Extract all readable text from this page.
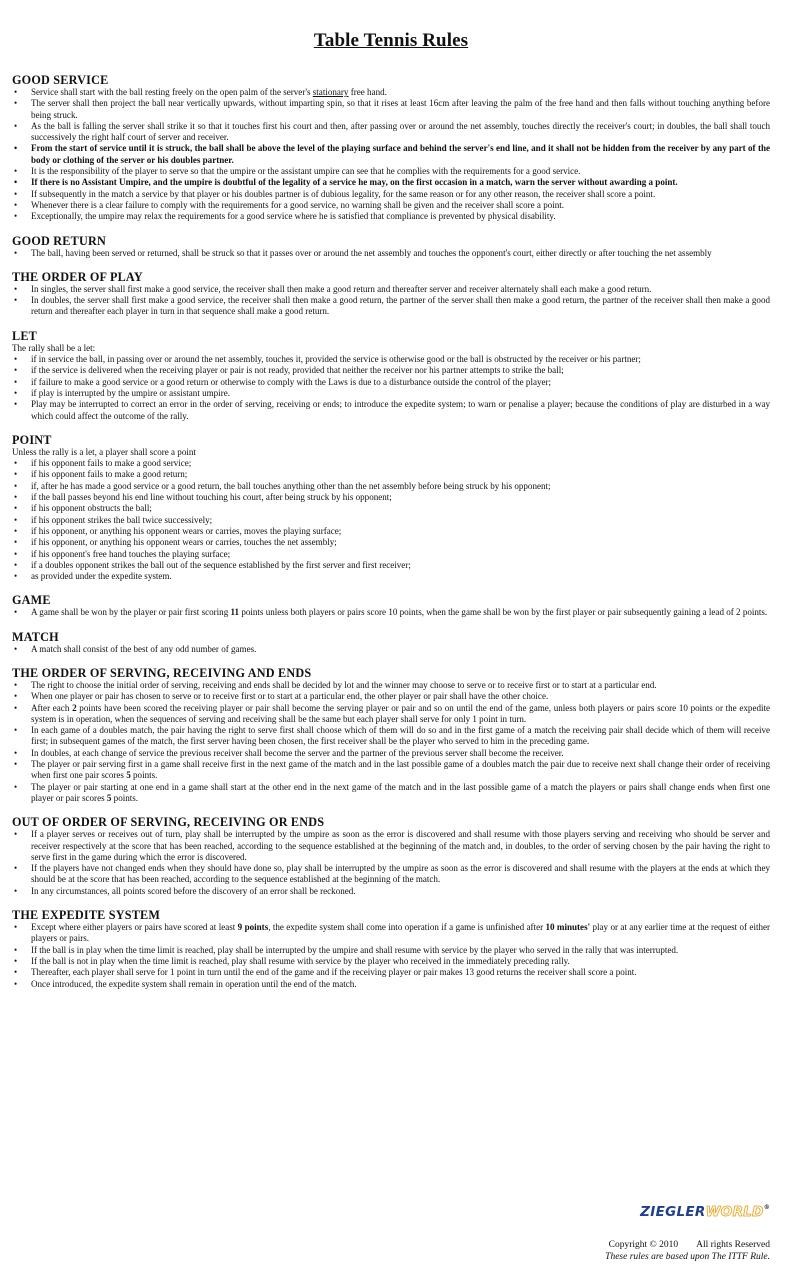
Table Tennis Rules
GOOD SERVICE
• Service shall start with the ball resting freely on the open palm of the server's stationary free hand.
• The server shall then project the ball near vertically upwards, without imparting spin, so that it rises at least 16cm after leaving the palm of the free hand and then falls without touching anything before being struck.
• As the ball is falling the server shall strike it so that it touches first his court and then, after passing over or around the net assembly, touches directly the receiver's court; in doubles, the ball shall touch successively the right half court of server and receiver.
• From the start of service until it is struck, the ball shall be above the level of the playing surface and behind the server's end line, and it shall not be hidden from the receiver by any part of the body or clothing of the server or his doubles partner.
• It is the responsibility of the player to serve so that the umpire or the assistant umpire can see that he complies with the requirements for a good service.
• If there is no Assistant Umpire, and the umpire is doubtful of the legality of a service he may, on the first occasion in a match, warn the server without awarding a point.
• If subsequently in the match a service by that player or his doubles partner is of dubious legality, for the same reason or for any other reason, the receiver shall score a point.
• Whenever there is a clear failure to comply with the requirements for a good service, no warning shall be given and the receiver shall score a point.
• Exceptionally, the umpire may relax the requirements for a good service where he is satisfied that compliance is prevented by physical disability.
GOOD RETURN
• The ball, having been served or returned, shall be struck so that it passes over or around the net assembly and touches the opponent's court, either directly or after touching the net assembly
THE ORDER OF PLAY
• In singles, the server shall first make a good service, the receiver shall then make a good return and thereafter server and receiver alternately shall each make a good return.
• In doubles, the server shall first make a good service, the receiver shall then make a good return, the partner of the server shall then make a good return, the partner of the receiver shall then make a good return and thereafter each player in turn in that sequence shall make a good return.
LET
The rally shall be a let:
• if in service the ball, in passing over or around the net assembly, touches it, provided the service is otherwise good or the ball is obstructed by the receiver or his partner;
• if the service is delivered when the receiving player or pair is not ready, provided that neither the receiver nor his partner attempts to strike the ball;
• if failure to make a good service or a good return or otherwise to comply with the Laws is due to a disturbance outside the control of the player;
• if play is interrupted by the umpire or assistant umpire.
• Play may be interrupted to correct an error in the order of serving, receiving or ends; to introduce the expedite system; to warn or penalise a player; because the conditions of play are disturbed in a way which could affect the outcome of the rally.
POINT
Unless the rally is a let, a player shall score a point
• if his opponent fails to make a good service;
• if his opponent fails to make a good return;
• if, after he has made a good service or a good return, the ball touches anything other than the net assembly before being struck by his opponent;
• if the ball passes beyond his end line without touching his court, after being struck by his opponent;
• if his opponent obstructs the ball;
• if his opponent strikes the ball twice successively;
• if his opponent, or anything his opponent wears or carries, moves the playing surface;
• if his opponent, or anything his opponent wears or carries, touches the net assembly;
• if his opponent's free hand touches the playing surface;
• if a doubles opponent strikes the ball out of the sequence established by the first server and first receiver;
• as provided under the expedite system.
GAME
• A game shall be won by the player or pair first scoring 11 points unless both players or pairs score 10 points, when the game shall be won by the first player or pair subsequently gaining a lead of 2 points.
MATCH
• A match shall consist of the best of any odd number of games.
THE ORDER OF SERVING, RECEIVING AND ENDS
• The right to choose the initial order of serving, receiving and ends shall be decided by lot and the winner may choose to serve or to receive first or to start at a particular end.
• When one player or pair has chosen to serve or to receive first or to start at a particular end, the other player or pair shall have the other choice.
• After each 2 points have been scored the receiving player or pair shall become the serving player or pair and so on until the end of the game, unless both players or pairs score 10 points or the expedite system is in operation, when the sequences of serving and receiving shall be the same but each player shall serve for only 1 point in turn.
• In each game of a doubles match, the pair having the right to serve first shall choose which of them will do so and in the first game of a match the receiving pair shall decide which of them will receive first; in subsequent games of the match, the first server having been chosen, the first receiver shall be the player who served to him in the preceding game.
• In doubles, at each change of service the previous receiver shall become the server and the partner of the previous server shall become the receiver.
• The player or pair serving first in a game shall receive first in the next game of the match and in the last possible game of a doubles match the pair due to receive next shall change their order of receiving when first one pair scores 5 points.
• The player or pair starting at one end in a game shall start at the other end in the next game of the match and in the last possible game of a match the players or pairs shall change ends when first one player or pair scores 5 points.
OUT OF ORDER OF SERVING, RECEIVING OR ENDS
• If a player serves or receives out of turn, play shall be interrupted by the umpire as soon as the error is discovered and shall resume with those players serving and receiving who should be server and receiver respectively at the score that has been reached, according to the sequence established at the beginning of the match and, in doubles, to the order of serving chosen by the pair having the right to serve first in the game during which the error is discovered.
• If the players have not changed ends when they should have done so, play shall be interrupted by the umpire as soon as the error is discovered and shall resume with the players at the ends at which they should be at the score that has been reached, according to the sequence established at the beginning of the match.
• In any circumstances, all points scored before the discovery of an error shall be reckoned.
THE EXPEDITE SYSTEM
• Except where either players or pairs have scored at least 9 points, the expedite system shall come into operation if a game is unfinished after 10 minutes' play or at any earlier time at the request of either players or pairs.
• If the ball is in play when the time limit is reached, play shall be interrupted by the umpire and shall resume with service by the player who served in the rally that was interrupted.
• If the ball is not in play when the time limit is reached, play shall resume with service by the player who received in the immediately preceding rally.
• Thereafter, each player shall serve for 1 point in turn until the end of the game and if the receiving player or pair makes 13 good returns the receiver shall score a point.
• Once introduced, the expedite system shall remain in operation until the end of the match.
ZIEGLERWORLD®
Copyright © 2010 All rights Reserved
These rules are based upon The ITTF Rule.
